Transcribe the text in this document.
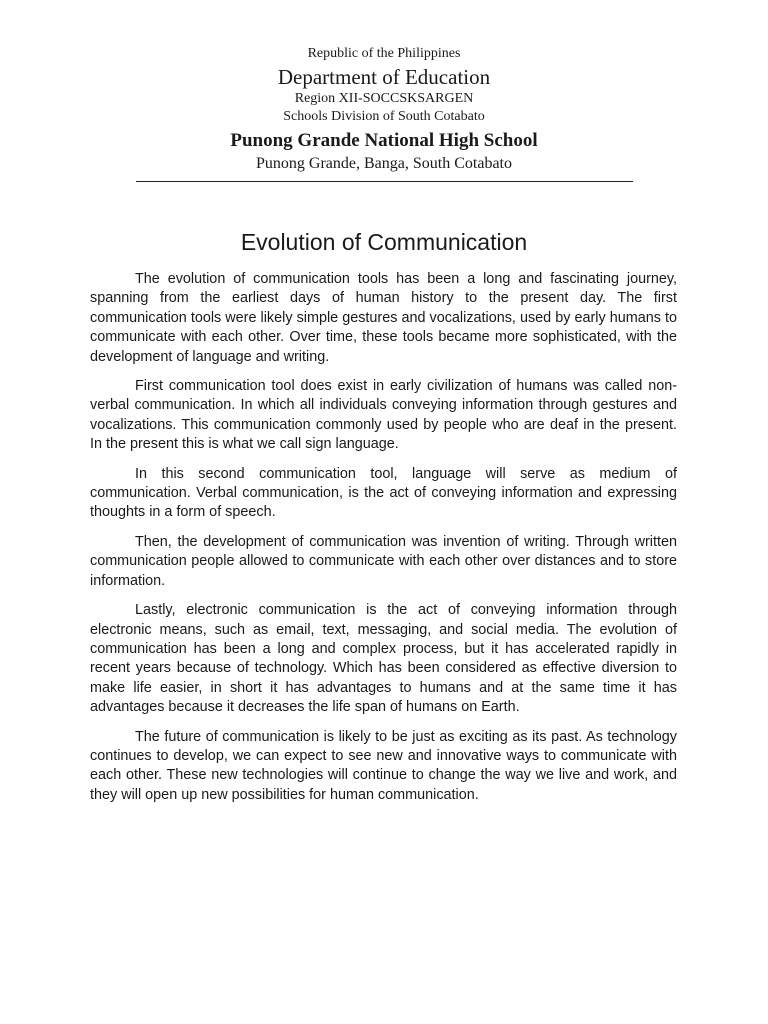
Republic of the Philippines
Department of Education
Region XII-SOCCSKSARGEN
Schools Division of South Cotabato
Punong Grande National High School
Punong Grande, Banga, South Cotabato
Evolution of Communication

The evolution of communication tools has been a long and fascinating journey, spanning from the earliest days of human history to the present day. The first communication tools were likely simple gestures and vocalizations, used by early humans to communicate with each other. Over time, these tools became more sophisticated, with the development of language and writing.

First communication tool does exist in early civilization of humans was called non-verbal communication. In which all individuals conveying information through gestures and vocalizations. This communication commonly used by people who are deaf in the present. In the present this is what we call sign language.

In this second communication tool, language will serve as medium of communication. Verbal communication, is the act of conveying information and expressing thoughts in a form of speech.

Then, the development of communication was invention of writing. Through written communication people allowed to communicate with each other over distances and to store information.

Lastly, electronic communication is the act of conveying information through electronic means, such as email, text, messaging, and social media. The evolution of communication has been a long and complex process, but it has accelerated rapidly in recent years because of technology. Which has been considered as effective diversion to make life easier, in short it has advantages to humans and at the same time it has advantages because it decreases the life span of humans on Earth.

The future of communication is likely to be just as exciting as its past. As technology continues to develop, we can expect to see new and innovative ways to communicate with each other. These new technologies will continue to change the way we live and work, and they will open up new possibilities for human communication.
